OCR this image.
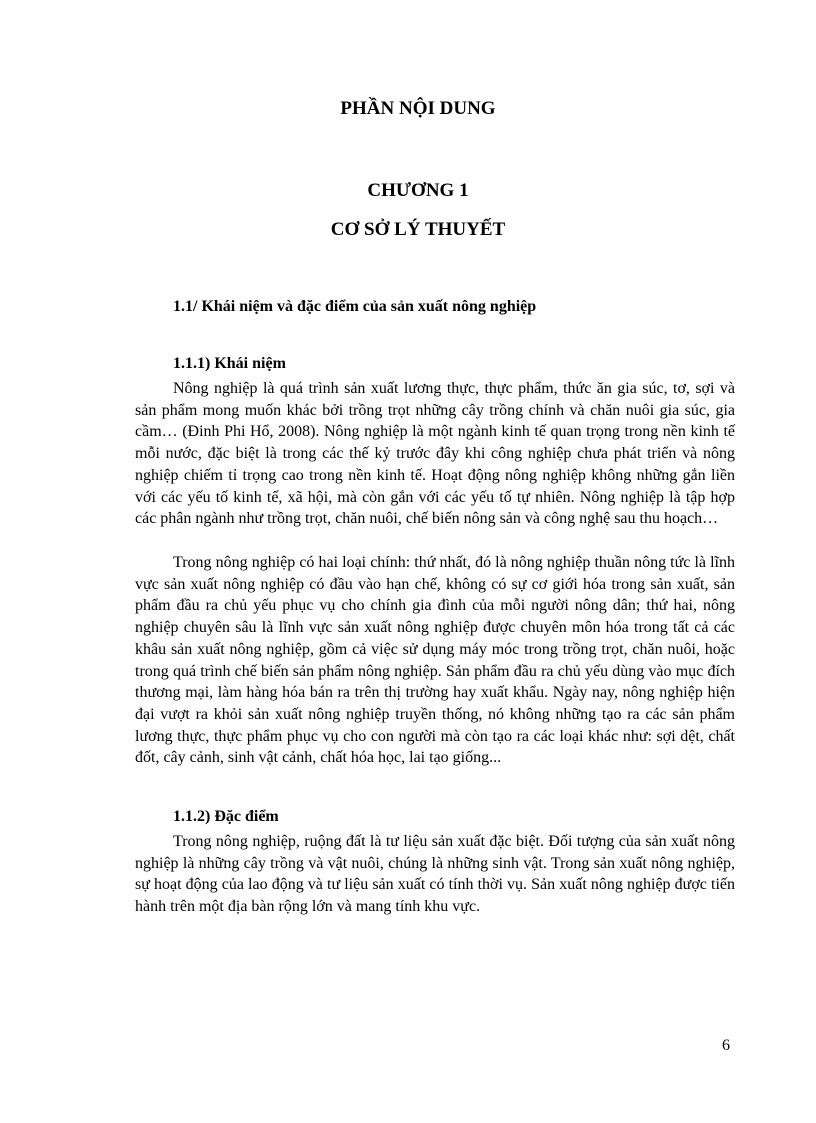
PHẦN NỘI DUNG
CHƯƠNG 1
CƠ SỞ LÝ THUYẾT
1.1/ Khái niệm và đặc điểm của sản xuất nông nghiệp
1.1.1) Khái niệm

Nông nghiệp là quá trình sản xuất lương thực, thực phẩm, thức ăn gia súc, tơ, sợi và sản phẩm mong muốn khác bởi trồng trọt những cây trồng chính và chăn nuôi gia súc, gia cầm… (Đinh Phi Hổ, 2008). Nông nghiệp là một ngành kinh tế quan trọng trong nền kinh tế mỗi nước, đặc biệt là trong các thế kỷ trước đây khi công nghiệp chưa phát triển và nông nghiệp chiếm tỉ trọng cao trong nền kinh tế. Hoạt động nông nghiệp không những gắn liền với các yếu tố kinh tế, xã hội, mà còn gắn với các yếu tố tự nhiên. Nông nghiệp là tập hợp các phân ngành như trồng trọt, chăn nuôi, chế biến nông sản và công nghệ sau thu hoạch…

Trong nông nghiệp có hai loại chính: thứ nhất, đó là nông nghiệp thuần nông tức là lĩnh vực sản xuất nông nghiệp có đầu vào hạn chế, không có sự cơ giới hóa trong sản xuất, sản phẩm đầu ra chủ yếu phục vụ cho chính gia đình của mỗi người nông dân; thứ hai, nông nghiệp chuyên sâu là lĩnh vực sản xuất nông nghiệp được chuyên môn hóa trong tất cả các khâu sản xuất nông nghiệp, gồm cả việc sử dụng máy móc trong trồng trọt, chăn nuôi, hoặc trong quá trình chế biến sản phẩm nông nghiệp. Sản phẩm đầu ra chủ yếu dùng vào mục đích thương mại, làm hàng hóa bán ra trên thị trường hay xuất khẩu. Ngày nay, nông nghiệp hiện đại vượt ra khỏi sản xuất nông nghiệp truyền thống, nó không những tạo ra các sản phẩm lương thực, thực phẩm phục vụ cho con người mà còn tạo ra các loại khác như: sợi dệt, chất đốt, cây cảnh, sinh vật cảnh, chất hóa học, lai tạo giống...

1.1.2) Đặc điểm

Trong nông nghiệp, ruộng đất là tư liệu sản xuất đặc biệt. Đối tượng của sản xuất nông nghiệp là những cây trồng và vật nuôi, chúng là những sinh vật. Trong sản xuất nông nghiệp, sự hoạt động của lao động và tư liệu sản xuất có tính thời vụ. Sản xuất nông nghiệp được tiến hành trên một địa bàn rộng lớn và mang tính khu vực.

6
